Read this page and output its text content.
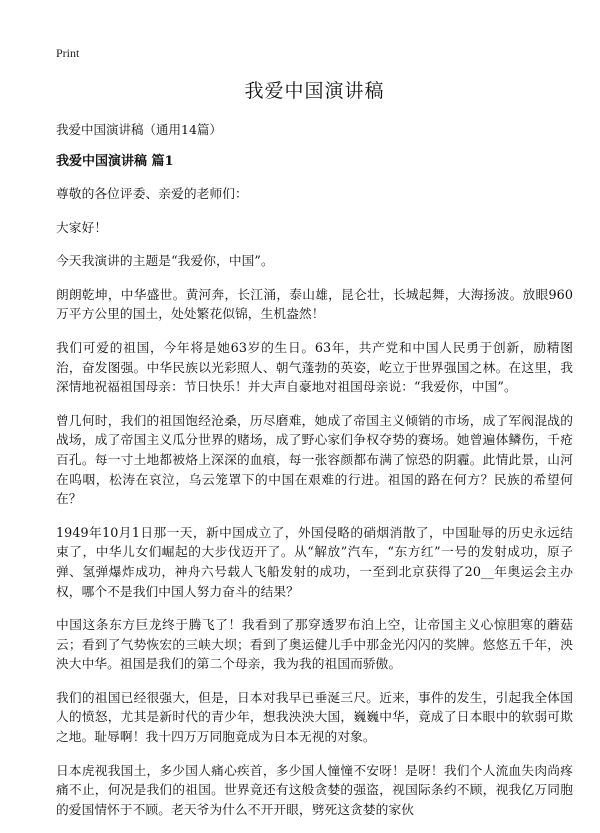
Print
我爱中国演讲稿
我爱中国演讲稿（通用14篇）
我爱中国演讲稿 篇1

尊敬的各位评委、亲爱的老师们：

大家好！

今天我演讲的主题是“我爱你，中国”。

朗朗乾坤，中华盛世。黄河奔，长江涌，泰山雄，昆仑壮，长城起舞，大海扬波。放眼960万平方公里的国土，处处繁花似锦，生机盎然！

我们可爱的祖国，今年将是她63岁的生日。63年，共产党和中国人民勇于创新，励精图治，奋发图强。中华民族以光彩照人、朝气蓬勃的英姿，屹立于世界强国之林。在这里，我深情地祝福祖国母亲：节日快乐！并大声自豪地对祖国母亲说：“我爱你，中国”。

曾几何时，我们的祖国饱经沧桑，历尽磨难，她成了帝国主义倾销的市场，成了军阀混战的战场，成了帝国主义瓜分世界的赌场，成了野心家们争权夺势的赛场。她曾遍体鳞伤，千疮百孔。每一寸土地都被烙上深深的血痕，每一张容颜都布满了惊恐的阴霾。此情此景，山河在呜咽，松涛在哀泣，乌云笼罩下的中国在艰难的行进。祖国的路在何方？民族的希望何在？

1949年10月1日那一天，新中国成立了，外国侵略的硝烟消散了，中国耻辱的历史永远结束了，中华儿女们崛起的大步伐迈开了。从“解放”汽车，“东方红”一号的发射成功，原子弹、氢弹爆炸成功，神舟六号载人飞船发射的成功，一至到北京获得了20__年奥运会主办权，哪个不是我们中国人努力奋斗的结果？

中国这条东方巨龙终于腾飞了！我看到了那穿透罗布泊上空，让帝国主义心惊胆寒的蘑菇云；看到了气势恢宏的三峡大坝；看到了奥运健儿手中那金光闪闪的奖牌。悠悠五千年，泱泱大中华。祖国是我们的第二个母亲，我为我的祖国而骄傲。

我们的祖国已经很强大，但是，日本对我早已垂涎三尺。近来，事件的发生，引起我全体国人的愤怒，尤其是新时代的青少年，想我泱泱大国，巍巍中华，竟成了日本眼中的软弱可欺之地。耻辱啊！我十四万万同胞竟成为日本无视的对象。

日本虎视我国土，多少国人痛心疾首，多少国人憧憧不安呀！是呀！我们个人流血失肉尚疼痛不止，何况是我们的祖国。世界竟还有这般贪婪的强盗，视国际条约不顾，视我亿万同胞的爱国情怀于不顾。老天爷为什么不开开眼，劈死这贪婪的家伙
